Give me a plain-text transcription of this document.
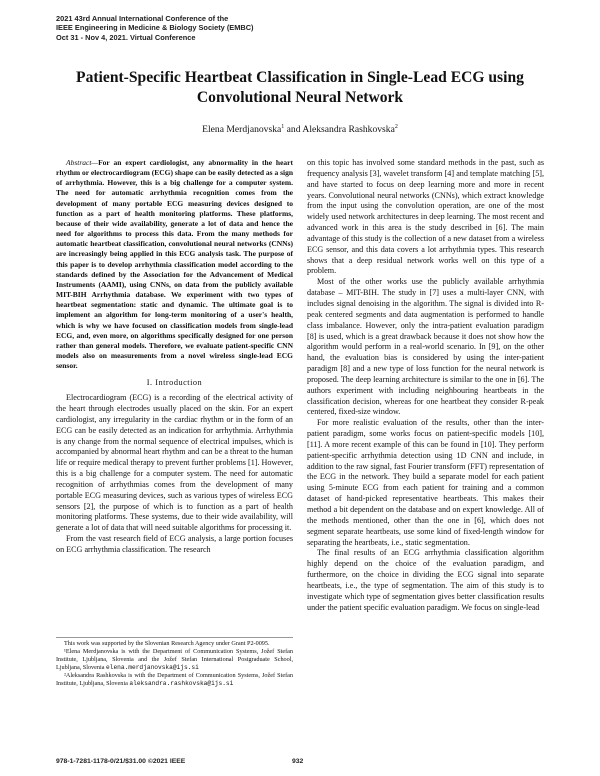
2021 43rd Annual International Conference of the
IEEE Engineering in Medicine & Biology Society (EMBC)
Oct 31 - Nov 4, 2021. Virtual Conference
Patient-Specific Heartbeat Classification in Single-Lead ECG using Convolutional Neural Network
Elena Merdjanovska$^1$ and Aleksandra Rashkovska$^2$

Abstract—For an expert cardiologist, any abnormality in the heart rhythm or electrocardiogram (ECG) shape can be easily detected as a sign of arrhythmia. However, this is a big challenge for a computer system. The need for automatic arrhythmia recognition comes from the development of many portable ECG measuring devices designed to function as a part of health monitoring platforms. These platforms, because of their wide availability, generate a lot of data and hence the need for algorithms to process this data. From the many methods for automatic heartbeat classification, convolutional neural networks (CNNs) are increasingly being applied in this ECG analysis task. The purpose of this paper is to develop arrhythmia classification model according to the standards defined by the Association for the Advancement of Medical Instruments (AAMI), using CNNs, on data from the publicly available MIT-BIH Arrhythmia database. We experiment with two types of heartbeat segmentation: static and dynamic. The ultimate goal is to implement an algorithm for long-term monitoring of a user's health, which is why we have focused on classification models from single-lead ECG, and, even more, on algorithms specifically designed for one person rather than general models. Therefore, we evaluate patient-specific CNN models also on measurements from a novel wireless single-lead ECG sensor.

I. Introduction

Electrocardiogram (ECG) is a recording of the electrical activity of the heart through electrodes usually placed on the skin. For an expert cardiologist, any irregularity in the cardiac rhythm or in the form of an ECG can be easily detected as an indication for arrhythmia. Arrhythmia is any change from the normal sequence of electrical impulses, which is accompanied by abnormal heart rhythm and can be a threat to the human life or require medical therapy to prevent further problems [1]. However, this is a big challenge for a computer system. The need for automatic recognition of arrhythmias comes from the development of many portable ECG measuring devices, such as various types of wireless ECG sensors [2], the purpose of which is to function as a part of health monitoring platforms. These systems, due to their wide availability, will generate a lot of data that will need suitable algorithms for processing it.

From the vast research field of ECG analysis, a large portion focuses on ECG arrhythmia classification. The research

This work was supported by the Slovenian Research Agency under Grant P2-0095.

¹Elena Merdjanovska is with the Department of Communication Systems, Jožef Stefan Institute, Ljubljana, Slovenia and the Jožef Stefan International Postgraduate School, Ljubljana, Slovenia elena.merdjanovska@ijs.si

²Aleksandra Rashkovska is with the Department of Communication Systems, Jožef Stefan Institute, Ljubljana, Slovenia aleksandra.rashkovska@ijs.si

on this topic has involved some standard methods in the past, such as frequency analysis [3], wavelet transform [4] and template matching [5], and have started to focus on deep learning more and more in recent years. Convolutional neural networks (CNNs), which extract knowledge from the input using the convolution operation, are one of the most widely used network architectures in deep learning. The most recent and advanced work in this area is the study described in [6]. The main advantage of this study is the collection of a new dataset from a wireless ECG sensor, and this data covers a lot arrhythmia types. This research shows that a deep residual network works well on this type of a problem.

Most of the other works use the publicly available arrhythmia database – MIT-BIH. The study in [7] uses a multi-layer CNN, with includes signal denoising in the algorithm. The signal is divided into R-peak centered segments and data augmentation is performed to handle class imbalance. However, only the intra-patient evaluation paradigm [8] is used, which is a great drawback because it does not show how the algorithm would perform in a real-world scenario. In [9], on the other hand, the evaluation bias is considered by using the inter-patient paradigm [8] and a new type of loss function for the neural network is proposed. The deep learning architecture is similar to the one in [6]. The authors experiment with including neighbouring heartbeats in the classification decision, whereas for one heartbeat they consider R-peak centered, fixed-size window.

For more realistic evaluation of the results, other than the inter-patient paradigm, some works focus on patient-specific models [10], [11]. A more recent example of this can be found in [10]. They perform patient-specific arrhythmia detection using 1D CNN and include, in addition to the raw signal, fast Fourier transform (FFT) representation of the ECG in the network. They build a separate model for each patient using 5-minute ECG from each patient for training and a common dataset of hand-picked representative heartbeats. This makes their method a bit dependent on the database and on expert knowledge. All of the methods mentioned, other than the one in [6], which does not segment separate heartbeats, use some kind of fixed-length window for separating the heartbeats, i.e., static segmentation.

The final results of an ECG arrhythmia classification algorithm highly depend on the choice of the evaluation paradigm, and furthermore, on the choice in dividing the ECG signal into separate heartbeats, i.e., the type of segmentation. The aim of this study is to investigate which type of segmentation gives better classification results under the patient specific evaluation paradigm. We focus on single-lead

978-1-7281-1178-0/21/$31.00 ©2021 IEEE	932
